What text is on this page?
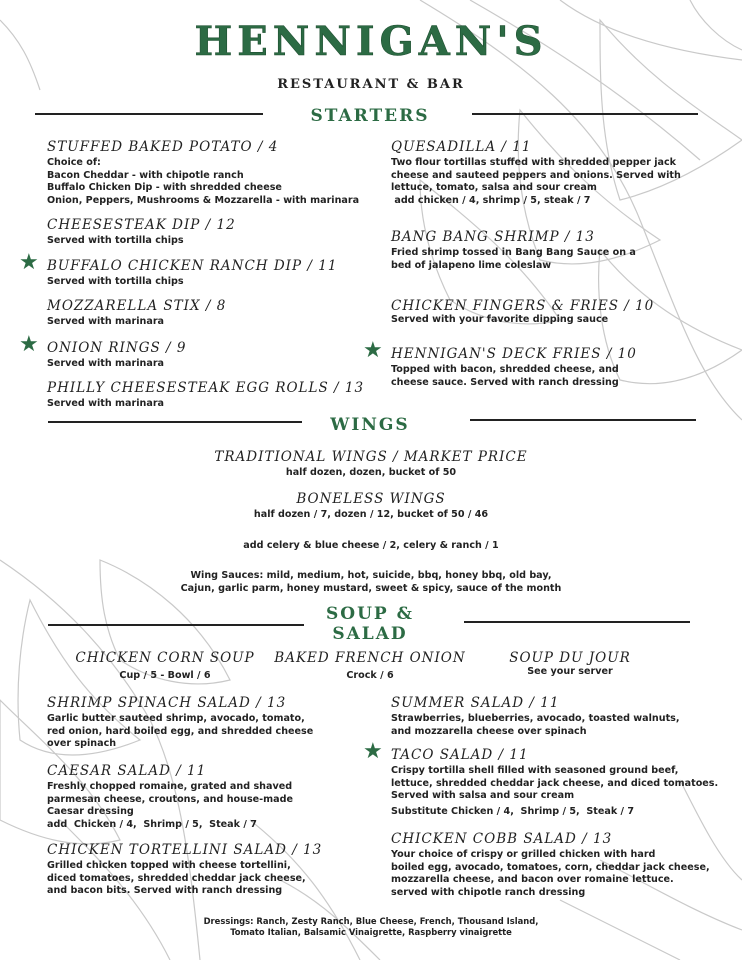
HENNIGAN'S
RESTAURANT & BAR
STARTERS
STUFFED BAKED POTATO / 4
Choice of:
Bacon Cheddar - with chipotle ranch
Buffalo Chicken Dip - with shredded cheese
Onion, Peppers, Mushrooms & Mozzarella - with marinara
CHEESESTEAK DIP / 12
Served with tortilla chips
★ BUFFALO CHICKEN RANCH DIP / 11
Served with tortilla chips
MOZZARELLA STIX / 8
Served with marinara
★ ONION RINGS / 9
Served with marinara
PHILLY CHEESESTEAK EGG ROLLS / 13
Served with marinara
QUESADILLA / 11
Two flour tortillas stuffed with shredded pepper jack
cheese and sauteed peppers and onions. Served with
lettuce, tomato, salsa and sour cream
add chicken / 4, shrimp / 5, steak / 7
BANG BANG SHRIMP / 13
Fried shrimp tossed in Bang Bang Sauce on a
bed of jalapeno lime coleslaw
CHICKEN FINGERS & FRIES / 10
Served with your favorite dipping sauce
★ HENNIGAN'S DECK FRIES / 10
Topped with bacon, shredded cheese, and
cheese sauce. Served with ranch dressing
WINGS
TRADITIONAL WINGS / MARKET PRICE
half dozen, dozen, bucket of 50
BONELESS WINGS
half dozen / 7, dozen / 12, bucket of 50 / 46
add celery & blue cheese / 2, celery & ranch / 1
Wing Sauces: mild, medium, hot, suicide, bbq, honey bbq, old bay,
Cajun, garlic parm, honey mustard, sweet & spicy, sauce of the month
SOUP &
SALAD
CHICKEN CORN SOUP
Cup / 5 - Bowl / 6
BAKED FRENCH ONION
Crock / 6
SOUP DU JOUR
See your server
SHRIMP SPINACH SALAD / 13
Garlic butter sauteed shrimp, avocado, tomato,
red onion, hard boiled egg, and shredded cheese
over spinach
CAESAR SALAD / 11
Freshly chopped romaine, grated and shaved
parmesan cheese, croutons, and house-made
Caesar dressing
add  Chicken / 4,  Shrimp / 5,  Steak / 7
CHICKEN TORTELLINI SALAD / 13
Grilled chicken topped with cheese tortellini,
diced tomatoes, shredded cheddar jack cheese,
and bacon bits. Served with ranch dressing
SUMMER SALAD / 11
Strawberries, blueberries, avocado, toasted walnuts,
and mozzarella cheese over spinach
★ TACO SALAD / 11
Crispy tortilla shell filled with seasoned ground beef,
lettuce, shredded cheddar jack cheese, and diced tomatoes.
Served with salsa and sour cream
Substitute Chicken / 4,  Shrimp / 5,  Steak / 7
CHICKEN COBB SALAD / 13
Your choice of crispy or grilled chicken with hard
boiled egg, avocado, tomatoes, corn, cheddar jack cheese,
mozzarella cheese, and bacon over romaine lettuce.
served with chipotle ranch dressing
Dressings: Ranch, Zesty Ranch, Blue Cheese, French, Thousand Island,
Tomato Italian, Balsamic Vinaigrette, Raspberry vinaigrette
